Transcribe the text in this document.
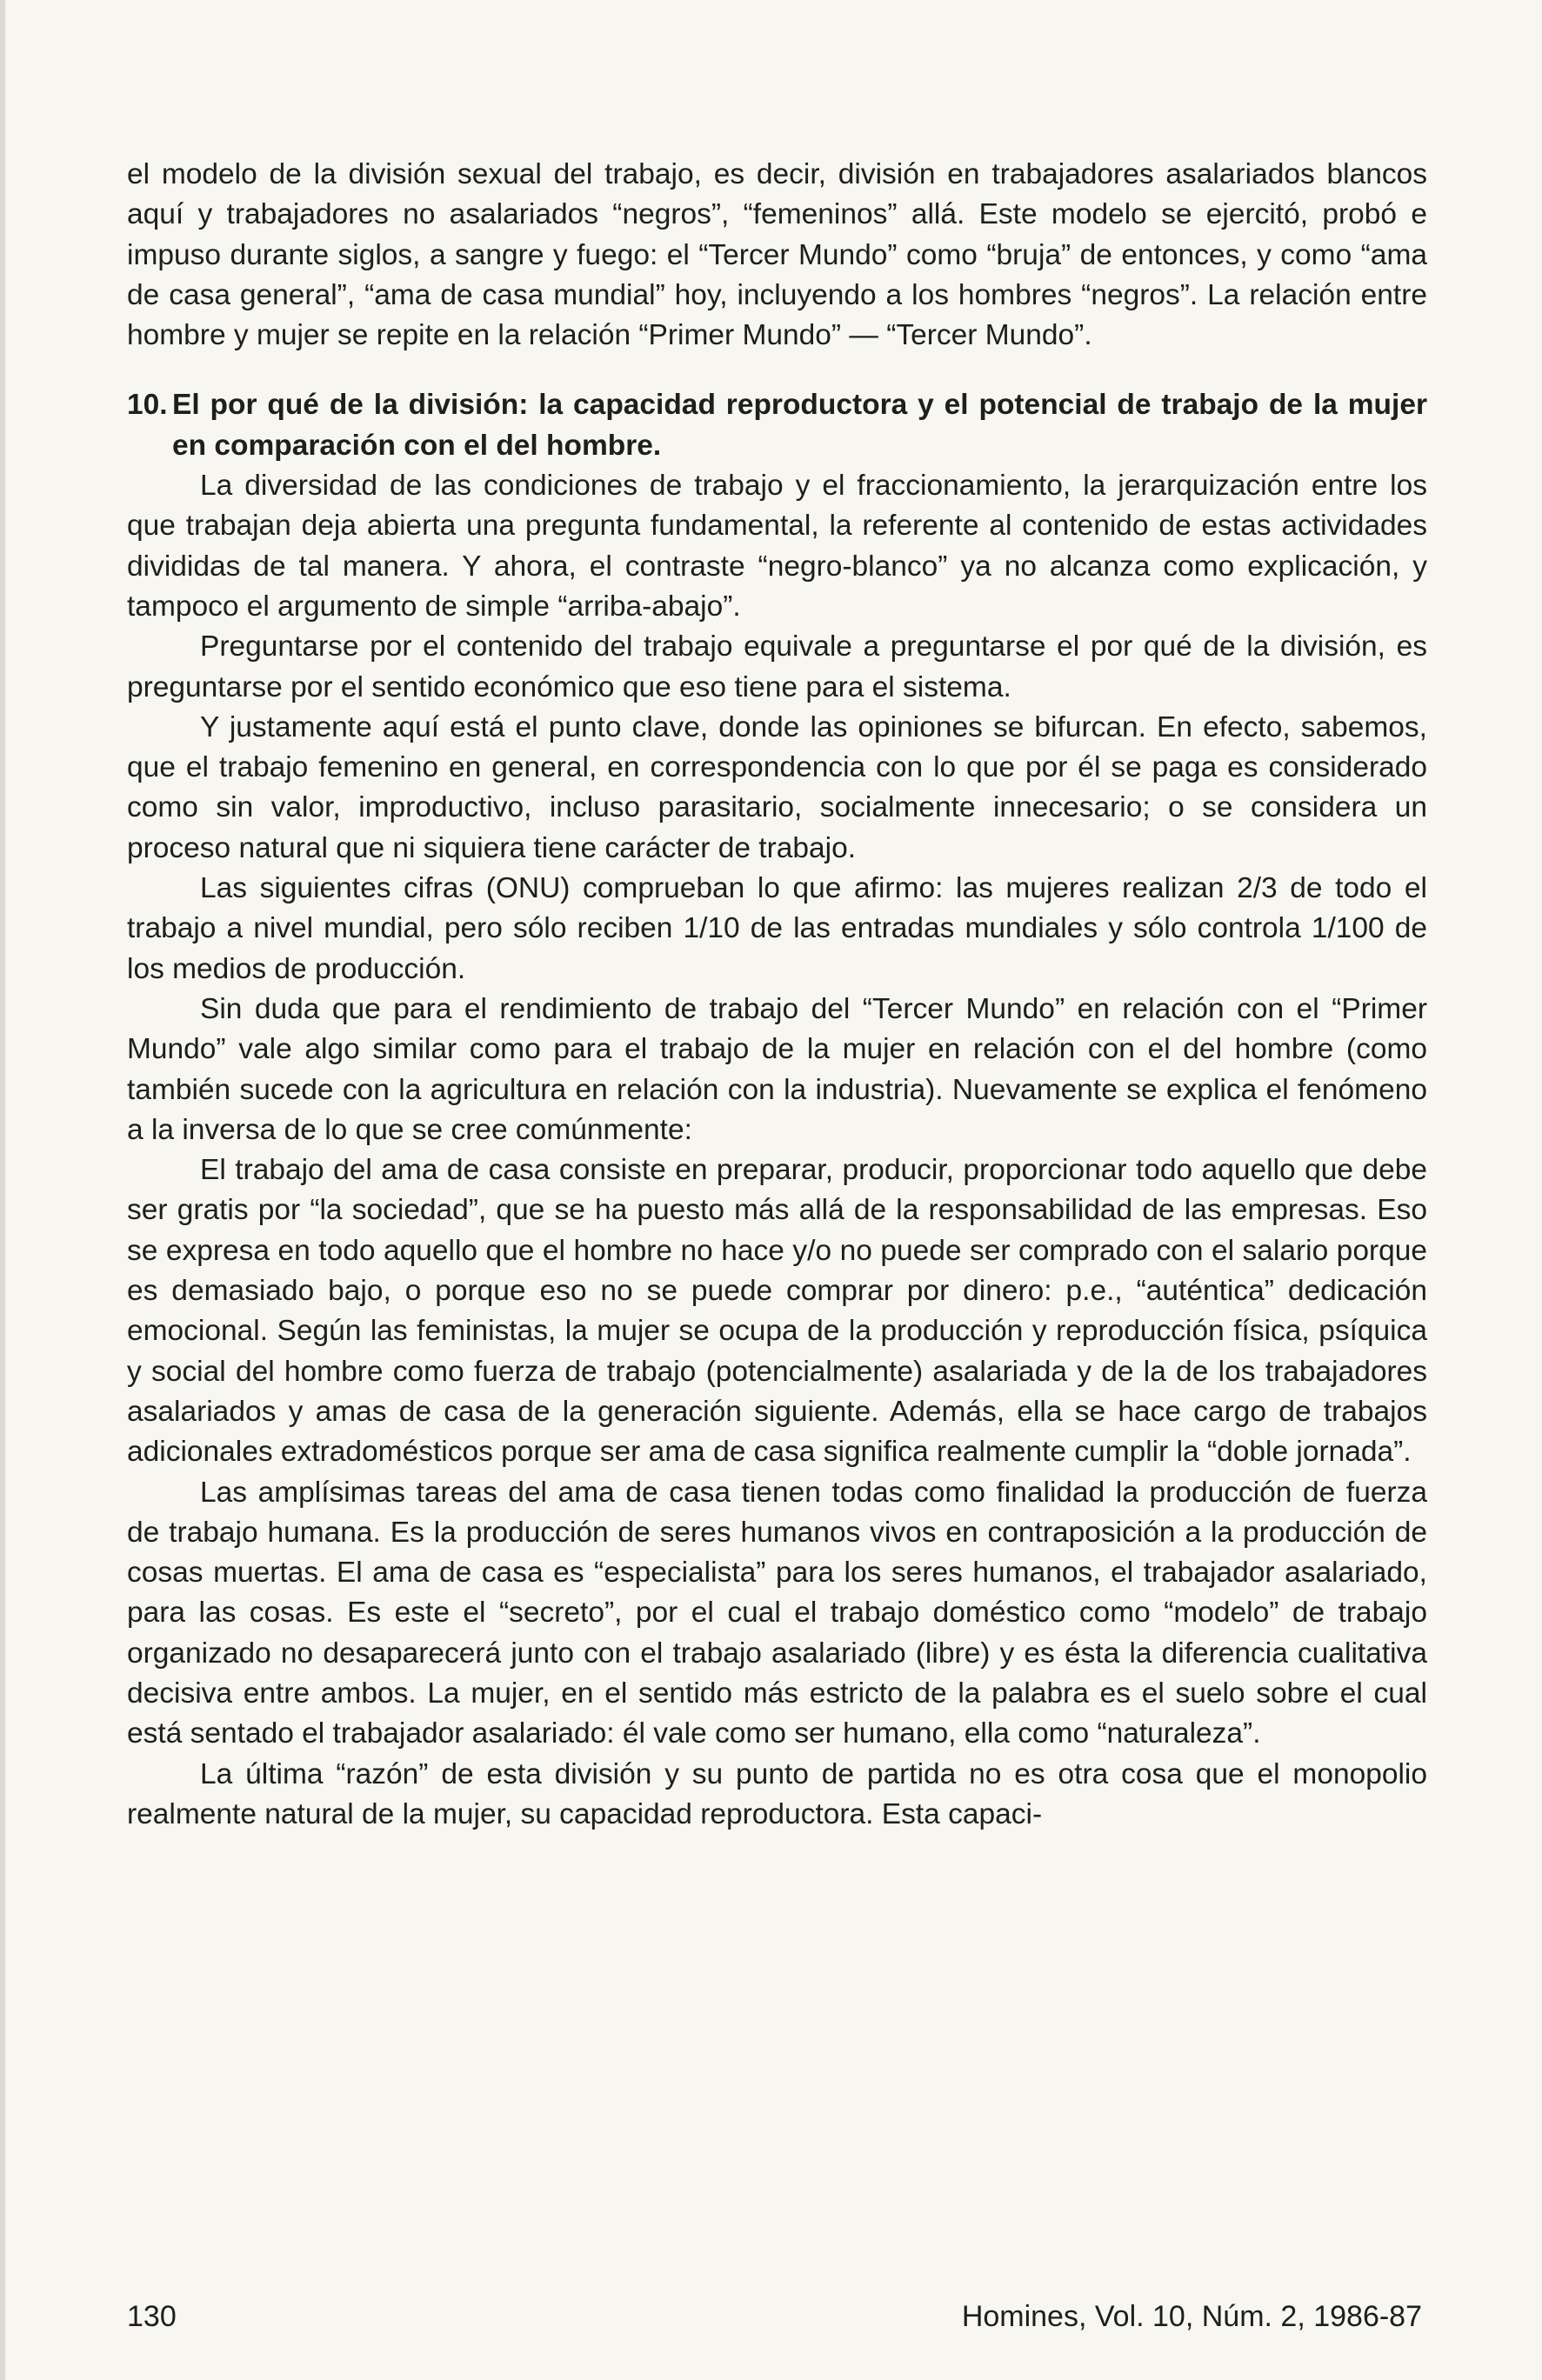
el modelo de la división sexual del trabajo, es decir, división en trabajadores asalariados blancos aquí y trabajadores no asalariados “negros”, “femeninos” allá. Este modelo se ejercitó, probó e impuso durante siglos, a sangre y fuego: el “Tercer Mundo” como “bruja” de entonces, y como “ama de casa general”, “ama de casa mundial” hoy, incluyendo a los hombres “negros”. La relación entre hombre y mujer se repite en la relación “Primer Mundo” — “Tercer Mundo”.

10. El por qué de la división: la capacidad reproductora y el potencial de trabajo de la mujer en comparación con el del hombre.

La diversidad de las condiciones de trabajo y el fraccionamiento, la jerarquización entre los que trabajan deja abierta una pregunta fundamental, la referente al contenido de estas actividades divididas de tal manera. Y ahora, el contraste “negro-blanco” ya no alcanza como explicación, y tampoco el argumento de simple “arriba-abajo”.

Preguntarse por el contenido del trabajo equivale a preguntarse el por qué de la división, es preguntarse por el sentido económico que eso tiene para el sistema.

Y justamente aquí está el punto clave, donde las opiniones se bifurcan. En efecto, sabemos, que el trabajo femenino en general, en correspondencia con lo que por él se paga es considerado como sin valor, improductivo, incluso parasitario, socialmente innecesario; o se considera un proceso natural que ni siquiera tiene carácter de trabajo.

Las siguientes cifras (ONU) comprueban lo que afirmo: las mujeres realizan 2/3 de todo el trabajo a nivel mundial, pero sólo reciben 1/10 de las entradas mundiales y sólo controla 1/100 de los medios de producción.

Sin duda que para el rendimiento de trabajo del “Tercer Mundo” en relación con el “Primer Mundo” vale algo similar como para el trabajo de la mujer en relación con el del hombre (como también sucede con la agricultura en relación con la industria). Nuevamente se explica el fenómeno a la inversa de lo que se cree comúnmente:

El trabajo del ama de casa consiste en preparar, producir, proporcionar todo aquello que debe ser gratis por “la sociedad”, que se ha puesto más allá de la responsabilidad de las empresas. Eso se expresa en todo aquello que el hombre no hace y/o no puede ser comprado con el salario porque es demasiado bajo, o porque eso no se puede comprar por dinero: p.e., “auténtica” dedicación emocional. Según las feministas, la mujer se ocupa de la producción y reproducción física, psíquica y social del hombre como fuerza de trabajo (potencialmente) asalariada y de la de los trabajadores asalariados y amas de casa de la generación siguiente. Además, ella se hace cargo de trabajos adicionales extradomésticos porque ser ama de casa significa realmente cumplir la “doble jornada”.

Las amplísimas tareas del ama de casa tienen todas como finalidad la producción de fuerza de trabajo humana. Es la producción de seres humanos vivos en contraposición a la producción de cosas muertas. El ama de casa es “especialista” para los seres humanos, el trabajador asalariado, para las cosas. Es este el “secreto”, por el cual el trabajo doméstico como “modelo” de trabajo organizado no desaparecerá junto con el trabajo asalariado (libre) y es ésta la diferencia cualitativa decisiva entre ambos. La mujer, en el sentido más estricto de la palabra es el suelo sobre el cual está sentado el trabajador asalariado: él vale como ser humano, ella como “naturaleza”.

La última “razón” de esta división y su punto de partida no es otra cosa que el monopolio realmente natural de la mujer, su capacidad reproductora. Esta capaci-

130	Homines, Vol. 10, Núm. 2, 1986-87
